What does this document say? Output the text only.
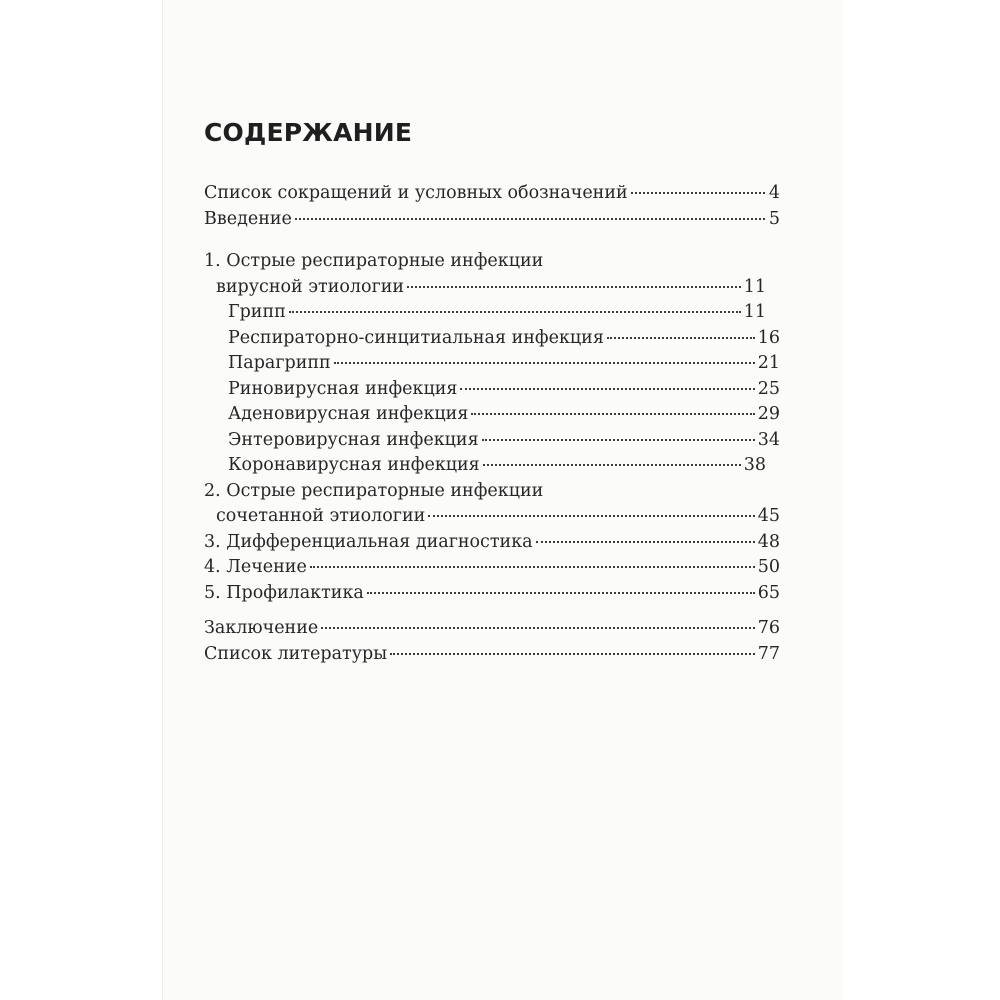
СОДЕРЖАНИЕ
Список сокращений и условных обозначений	4
Введение	5
1. Острые респираторные инфекции
вирусной этиологии	11
Грипп	11
Респираторно-синцитиальная инфекция	16
Парагрипп	21
Риновирусная инфекция	25
Аденовирусная инфекция	29
Энтеровирусная инфекция	34
Коронавирусная инфекция	38
2. Острые респираторные инфекции
сочетанной этиологии	45
3. Дифференциальная диагностика	48
4. Лечение	50
5. Профилактика	65
Заключение	76
Список литературы	77
